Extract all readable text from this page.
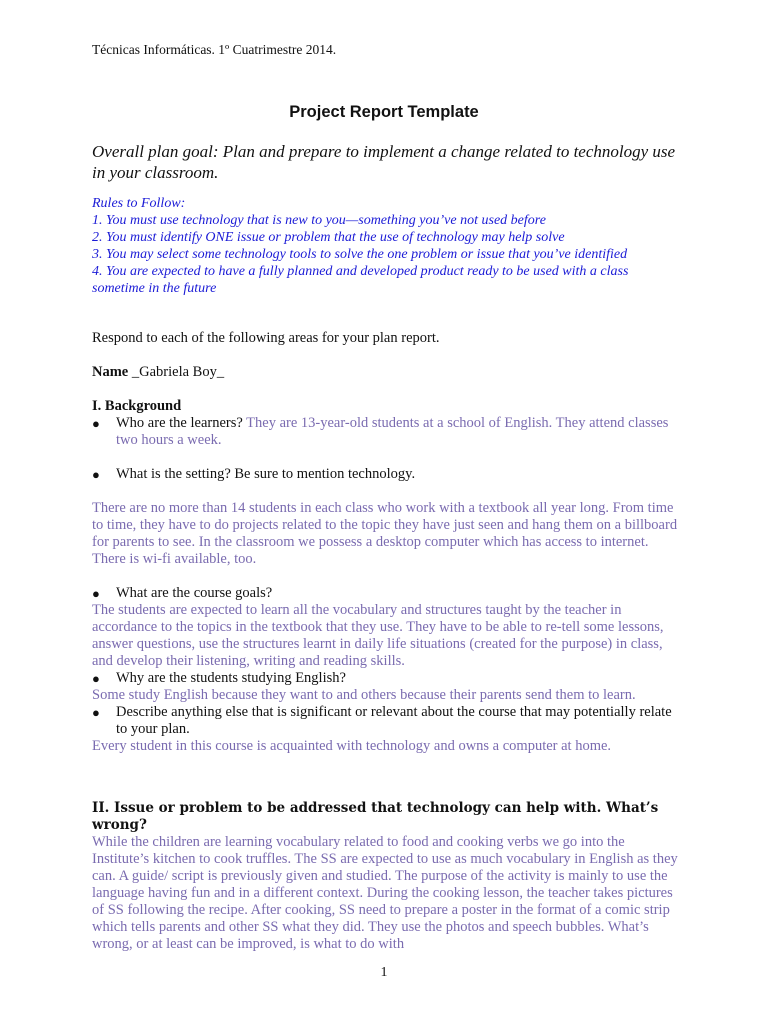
Técnicas Informáticas. 1º Cuatrimestre 2014.
Project Report Template
Overall plan goal: Plan and prepare to implement a change related to technology use in your classroom.
Rules to Follow:
1. You must use technology that is new to you—something you’ve not used before
2. You must identify ONE issue or problem that the use of technology may help solve
3. You may select some technology tools to solve the one problem or issue that you’ve identified
4. You are expected to have a fully planned and developed product ready to be used with a class sometime in the future
Respond to each of the following areas for your plan report.
Name _Gabriela Boy_
I. Background
●	Who are the learners? They are 13-year-old students at a school of English. They attend classes two hours a week.
●	What is the setting? Be sure to mention technology.
There are no more than 14 students in each class who work with a textbook all year long. From time to time, they have to do projects related to the topic they have just seen and hang them on a billboard for parents to see. In the classroom we possess a desktop computer which has access to internet. There is wi-fi available, too.
●	What are the course goals?
The students are expected to learn all the vocabulary and structures taught by the teacher in accordance to the topics in the textbook that they use. They have to be able to re-tell some lessons, answer questions, use the structures learnt in daily life situations (created for the purpose) in class, and develop their listening, writing and reading skills.
●	Why are the students studying English?
Some study English because they want to and others because their parents send them to learn.
●	Describe anything else that is significant or relevant about the course that may potentially relate to your plan.
Every student in this course is acquainted with technology and owns a computer at home.
II. Issue or problem to be addressed that technology can help with. What’s wrong?
While the children are learning vocabulary related to food and cooking verbs we go into the Institute’s kitchen to cook truffles. The SS are expected to use as much vocabulary in English as they can. A guide/ script is previously given and studied. The purpose of the activity is mainly to use the language having fun and in a different context. During the cooking lesson, the teacher takes pictures of SS following the recipe. After cooking, SS need to prepare a poster in the format of a comic strip which tells parents and other SS what they did. They use the photos and speech bubbles. What’s wrong, or at least can be improved, is what to do with
1
